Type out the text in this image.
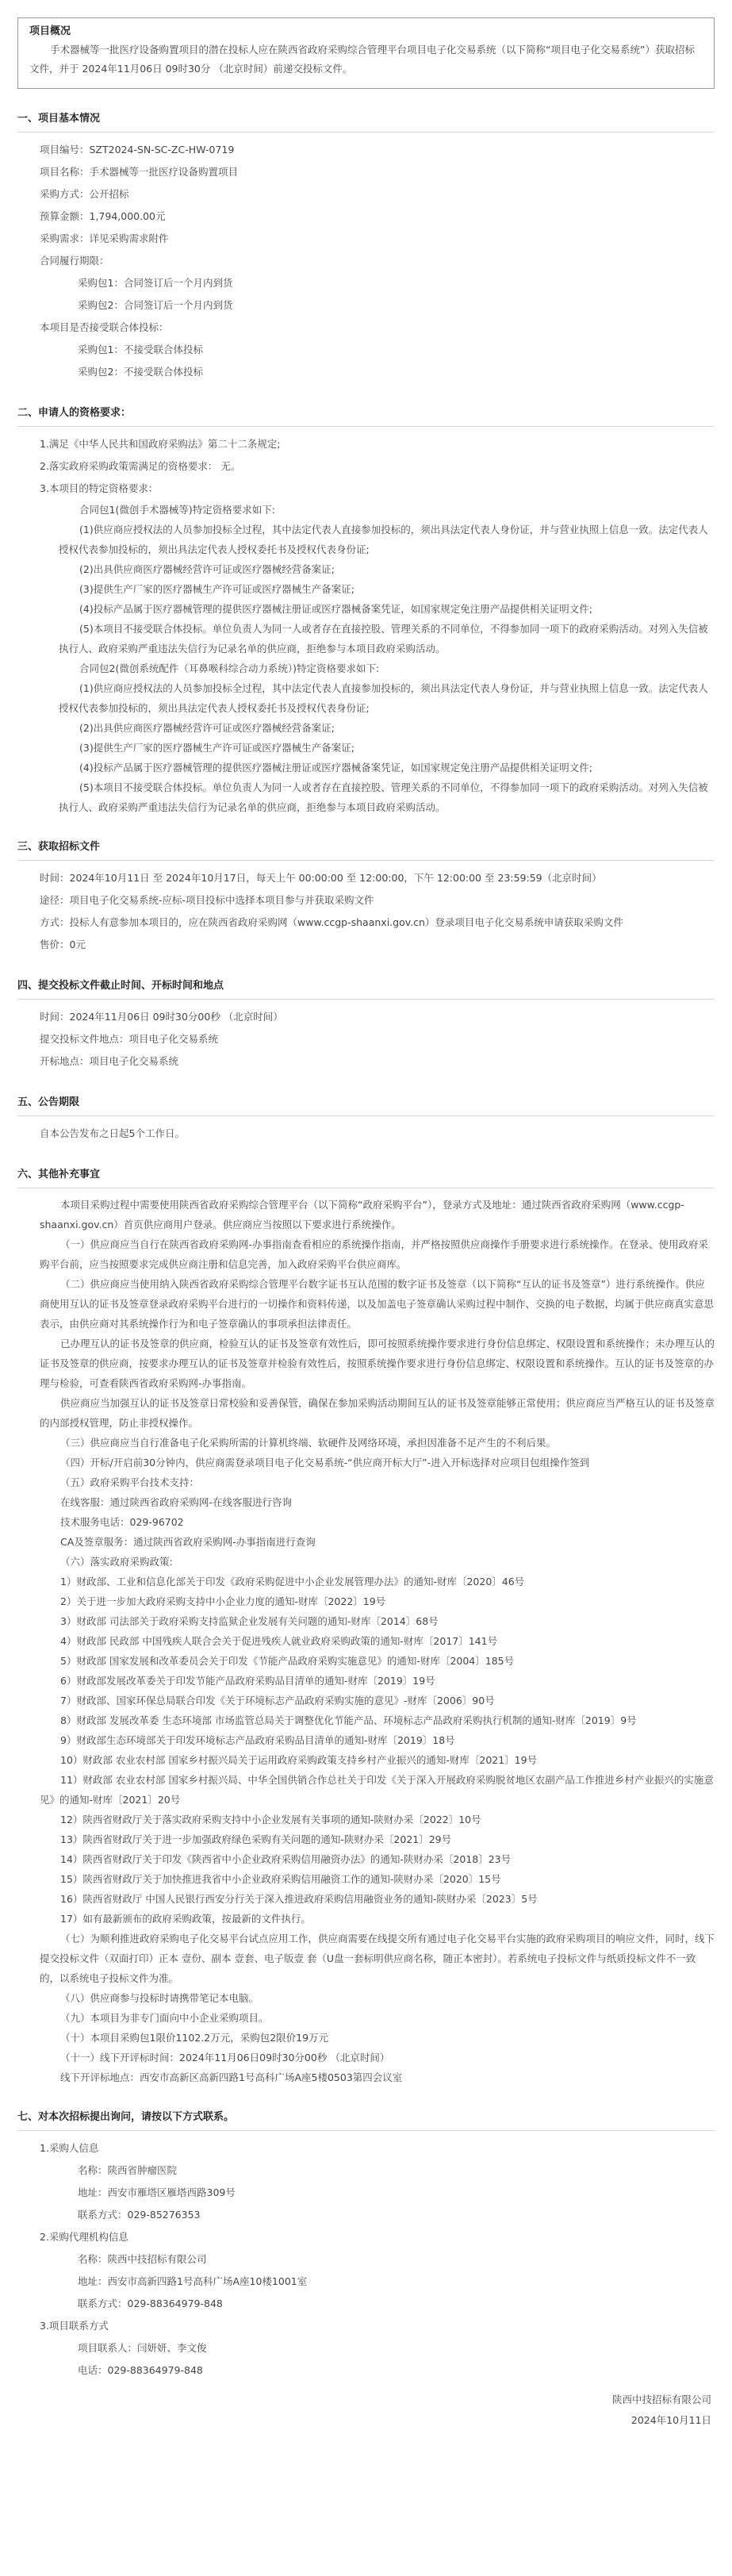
项目概况
手术器械等一批医疗设备购置项目的潜在投标人应在陕西省政府采购综合管理平台项目电子化交易系统（以下简称“项目电子化交易系统”）获取招标文件，并于 2024年11月06日 09时30分 （北京时间）前递交投标文件。
一、项目基本情况
项目编号：SZT2024-SN-SC-ZC-HW-0719
项目名称：手术器械等一批医疗设备购置项目
采购方式：公开招标
预算金额：1,794,000.00元
采购需求：详见采购需求附件
合同履行期限：
采购包1：合同签订后一个月内到货
采购包2：合同签订后一个月内到货
本项目是否接受联合体投标：
采购包1：不接受联合体投标
采购包2：不接受联合体投标
二、申请人的资格要求：
1.满足《中华人民共和国政府采购法》第二十二条规定;
2.落实政府采购政策需满足的资格要求： 无。
3.本项目的特定资格要求：
合同包1(微创手术器械等)特定资格要求如下:
(1)供应商应授权法的人员参加投标全过程，其中法定代表人直接参加投标的，须出具法定代表人身份证，并与营业执照上信息一致。法定代表人授权代表参加投标的，须出具法定代表人授权委托书及授权代表身份证;
(2)出具供应商医疗器械经营许可证或医疗器械经营备案证;
(3)提供生产厂家的医疗器械生产许可证或医疗器械生产备案证;
(4)投标产品属于医疗器械管理的提供医疗器械注册证或医疗器械备案凭证，如国家规定免注册产品提供相关证明文件;
(5)本项目不接受联合体投标。单位负责人为同一人或者存在直接控股、管理关系的不同单位，不得参加同一项下的政府采购活动。对列入失信被执行人、政府采购严重违法失信行为记录名单的供应商，拒绝参与本项目政府采购活动。
合同包2(微创系统配件（耳鼻喉科综合动力系统）)特定资格要求如下:
(1)供应商应授权法的人员参加投标全过程，其中法定代表人直接参加投标的，须出具法定代表人身份证，并与营业执照上信息一致。法定代表人授权代表参加投标的，须出具法定代表人授权委托书及授权代表身份证;
(2)出具供应商医疗器械经营许可证或医疗器械经营备案证;
(3)提供生产厂家的医疗器械生产许可证或医疗器械生产备案证;
(4)投标产品属于医疗器械管理的提供医疗器械注册证或医疗器械备案凭证，如国家规定免注册产品提供相关证明文件;
(5)本项目不接受联合体投标。单位负责人为同一人或者存在直接控股、管理关系的不同单位，不得参加同一项下的政府采购活动。对列入失信被执行人、政府采购严重违法失信行为记录名单的供应商，拒绝参与本项目政府采购活动。
三、获取招标文件
时间：2024年10月11日 至 2024年10月17日，每天上午 00:00:00 至 12:00:00，下午 12:00:00 至 23:59:59（北京时间）
途径：项目电子化交易系统-应标-项目投标中选择本项目参与并获取采购文件
方式：投标人有意参加本项目的，应在陕西省政府采购网（www.ccgp-shaanxi.gov.cn）登录项目电子化交易系统申请获取采购文件
售价：0元
四、提交投标文件截止时间、开标时间和地点
时间：2024年11月06日 09时30分00秒 （北京时间）
提交投标文件地点：项目电子化交易系统
开标地点：项目电子化交易系统
五、公告期限
自本公告发布之日起5个工作日。
六、其他补充事宜
本项目采购过程中需要使用陕西省政府采购综合管理平台（以下简称“政府采购平台”），登录方式及地址：通过陕西省政府采购网（www.ccgp-shaanxi.gov.cn）首页供应商用户登录。供应商应当按照以下要求进行系统操作。
（一）供应商应当自行在陕西省政府采购网-办事指南查看相应的系统操作指南，并严格按照供应商操作手册要求进行系统操作。在登录、使用政府采购平台前，应当按照要求完成供应商注册和信息完善，加入政府采购平台供应商库。
（二）供应商应当使用纳入陕西省政府采购综合管理平台数字证书互认范围的数字证书及签章（以下简称“互认的证书及签章”）进行系统操作。供应商使用互认的证书及签章登录政府采购平台进行的一切操作和资料传递，以及加盖电子签章确认采购过程中制作、交换的电子数据，均属于供应商真实意思表示，由供应商对其系统操作行为和电子签章确认的事项承担法律责任。
已办理互认的证书及签章的供应商，检验互认的证书及签章有效性后，即可按照系统操作要求进行身份信息绑定、权限设置和系统操作；未办理互认的证书及签章的供应商，按要求办理互认的证书及签章并检验有效性后，按照系统操作要求进行身份信息绑定、权限设置和系统操作。互认的证书及签章的办理与检验，可查看陕西省政府采购网-办事指南。
供应商应当加强互认的证书及签章日常校验和妥善保管，确保在参加采购活动期间互认的证书及签章能够正常使用；供应商应当严格互认的证书及签章的内部授权管理，防止非授权操作。
（三）供应商应当自行准备电子化采购所需的计算机终端、软硬件及网络环境，承担因准备不足产生的不利后果。
（四）开标/开启前30分钟内，供应商需登录项目电子化交易系统-“供应商开标大厅”-进入开标选择对应项目包组操作签到
（五）政府采购平台技术支持：
在线客服：通过陕西省政府采购网-在线客服进行咨询
技术服务电话：029-96702
CA及签章服务：通过陕西省政府采购网-办事指南进行查询
（六）落实政府采购政策:
1）财政部、工业和信息化部关于印发《政府采购促进中小企业发展管理办法》的通知-财库〔2020〕46号
2）关于进一步加大政府采购支持中小企业力度的通知-财库〔2022〕19号
3）财政部 司法部关于政府采购支持监狱企业发展有关问题的通知-财库〔2014〕68号
4）财政部 民政部 中国残疾人联合会关于促进残疾人就业政府采购政策的通知-财库〔2017〕141号
5）财政部 国家发展和改革委员会关于印发《节能产品政府采购实施意见》的通知-财库〔2004〕185号
6）财政部发展改革委关于印发节能产品政府采购品目清单的通知-财库〔2019〕19号
7）财政部、国家环保总局联合印发《关于环境标志产品政府采购实施的意见》-财库〔2006〕90号
8）财政部 发展改革委 生态环境部 市场监管总局关于调整优化节能产品、环境标志产品政府采购执行机制的通知-财库〔2019〕9号
9）财政部生态环境部关于印发环境标志产品政府采购品目清单的通知-财库〔2019〕18号
10）财政部 农业农村部 国家乡村振兴局关于运用政府采购政策支持乡村产业振兴的通知-财库〔2021〕19号
11）财政部 农业农村部 国家乡村振兴局、中华全国供销合作总社关于印发《关于深入开展政府采购脱贫地区农副产品工作推进乡村产业振兴的实施意见》的通知-财库〔2021〕20号
12）陕西省财政厅关于落实政府采购支持中小企业发展有关事项的通知-陕财办采〔2022〕10号
13）陕西省财政厅关于进一步加强政府绿色采购有关问题的通知-陕财办采〔2021〕29号
14）陕西省财政厅关于印发《陕西省中小企业政府采购信用融资办法》的通知-陕财办采〔2018〕23号
15）陕西省财政厅关于加快推进我省中小企业政府采购信用融资工作的通知-陕财办采〔2020〕15号
16）陕西省财政厅 中国人民银行西安分行关于深入推进政府采购信用融资业务的通知-陕财办采〔2023〕5号
17）如有最新颁布的政府采购政策，按最新的文件执行。
（七）为顺利推进政府采购电子化交易平台试点应用工作，供应商需要在线提交所有通过电子化交易平台实施的政府采购项目的响应文件，同时，线下提交投标文件（双面打印）正本 壹份、副本 壹套、电子版壹 套（U盘一套标明供应商名称，随正本密封）。若系统电子投标文件与纸质投标文件不一致的，以系统电子投标文件为准。
（八）供应商参与投标时请携带笔记本电脑。
（九）本项目为非专门面向中小企业采购项目。
（十）本项目采购包1限价1102.2万元，采购包2限价19万元
（十一）线下开评标时间：2024年11月06日09时30分00秒 （北京时间）
线下开评标地点：西安市高新区高新四路1号高科广场A座5楼0503第四会议室
七、对本次招标提出询问，请按以下方式联系。
1.采购人信息
名称：陕西省肿瘤医院
地址：西安市雁塔区雁塔西路309号
联系方式：029-85276353
2.采购代理机构信息
名称：陕西中技招标有限公司
地址：西安市高新四路1号高科广场A座10楼1001室
联系方式：029-88364979-848
3.项目联系方式
项目联系人：闫妍妍、李文俊
电话：029-88364979-848
陕西中技招标有限公司
2024年10月11日
